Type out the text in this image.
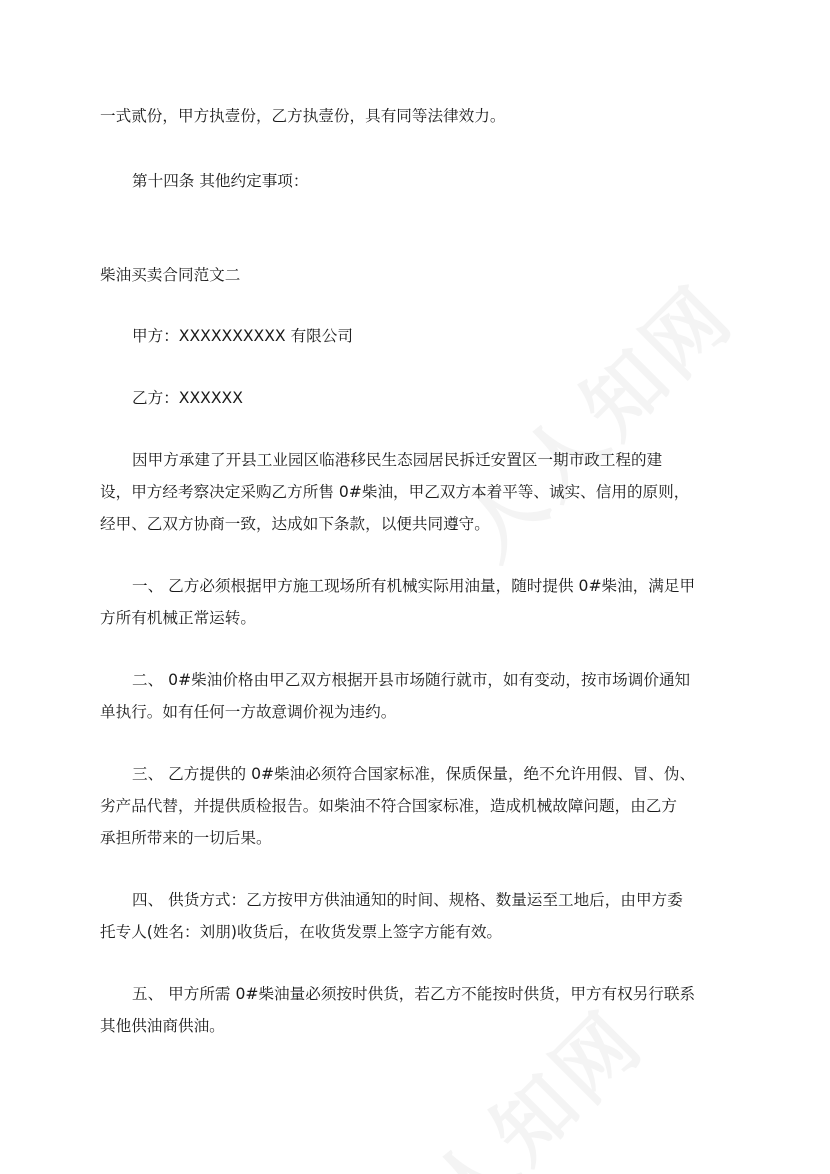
一式贰份，甲方执壹份，乙方执壹份，具有同等法律效力。
第十四条 其他约定事项：
柴油买卖合同范文二
甲方：XXXXXXXXXX 有限公司
乙方：XXXXXX
因甲方承建了开县工业园区临港移民生态园居民拆迁安置区一期市政工程的建
设，甲方经考察决定采购乙方所售 0#柴油，甲乙双方本着平等、诚实、信用的原则，
经甲、乙双方协商一致，达成如下条款，以便共同遵守。
一、 乙方必须根据甲方施工现场所有机械实际用油量，随时提供 0#柴油，满足甲
方所有机械正常运转。
二、 0#柴油价格由甲乙双方根据开县市场随行就市，如有变动，按市场调价通知
单执行。如有任何一方故意调价视为违约。
三、 乙方提供的 0#柴油必须符合国家标准，保质保量，绝不允许用假、冒、伪、
劣产品代替，并提供质检报告。如柴油不符合国家标准，造成机械故障问题，由乙方
承担所带来的一切后果。
四、 供货方式：乙方按甲方供油通知的时间、规格、数量运至工地后，由甲方委
托专人(姓名：刘朋)收货后，在收货发票上签字方能有效。
五、 甲方所需 0#柴油量必须按时供货，若乙方不能按时供货，甲方有权另行联系
其他供油商供油。
